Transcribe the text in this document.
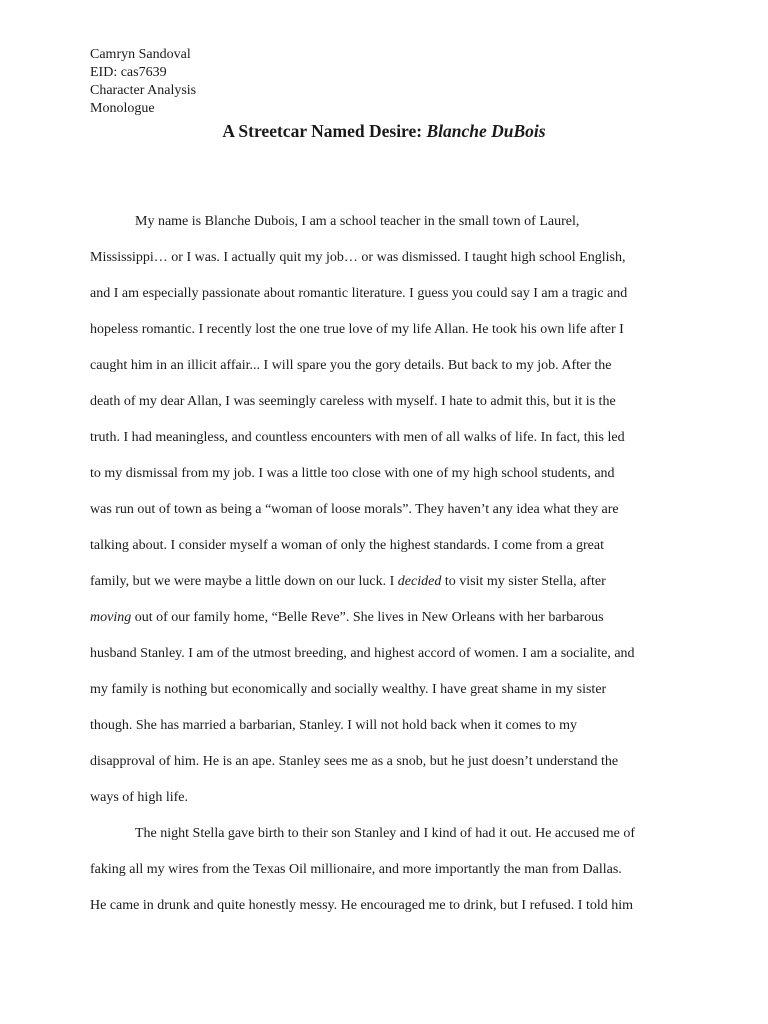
Camryn Sandoval
EID: cas7639
Character Analysis
Monologue
A Streetcar Named Desire: Blanche DuBois
My name is Blanche Dubois, I am a school teacher in the small town of Laurel,
Mississippi… or I was. I actually quit my job… or was dismissed. I taught high school English,
and I am especially passionate about romantic literature. I guess you could say I am a tragic and
hopeless romantic. I recently lost the one true love of my life Allan. He took his own life after I
caught him in an illicit affair... I will spare you the gory details. But back to my job. After the
death of my dear Allan, I was seemingly careless with myself. I hate to admit this, but it is the
truth. I had meaningless, and countless encounters with men of all walks of life. In fact, this led
to my dismissal from my job. I was a little too close with one of my high school students, and
was run out of town as being a “woman of loose morals”. They haven’t any idea what they are
talking about. I consider myself a woman of only the highest standards. I come from a great
family, but we were maybe a little down on our luck. I decided to visit my sister Stella, after
moving out of our family home, “Belle Reve”. She lives in New Orleans with her barbarous
husband Stanley. I am of the utmost breeding, and highest accord of women. I am a socialite, and
my family is nothing but economically and socially wealthy. I have great shame in my sister
though. She has married a barbarian, Stanley. I will not hold back when it comes to my
disapproval of him. He is an ape. Stanley sees me as a snob, but he just doesn’t understand the
ways of high life.
The night Stella gave birth to their son Stanley and I kind of had it out. He accused me of
faking all my wires from the Texas Oil millionaire, and more importantly the man from Dallas.
He came in drunk and quite honestly messy. He encouraged me to drink, but I refused. I told him
